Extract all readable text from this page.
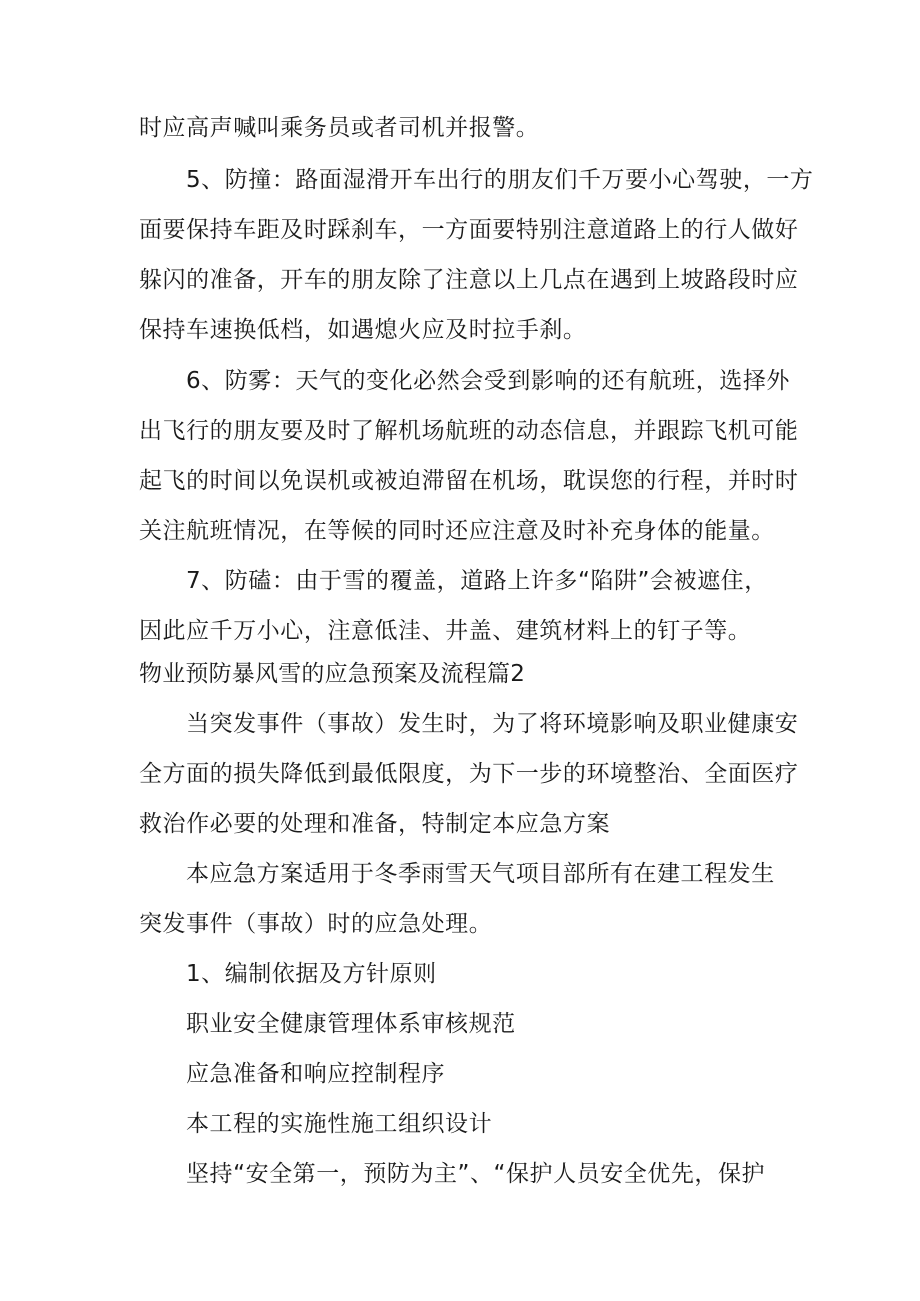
时应高声喊叫乘务员或者司机并报警。
5、防撞：路面湿滑开车出行的朋友们千万要小心驾驶，一方
面要保持车距及时踩刹车，一方面要特别注意道路上的行人做好
躲闪的准备，开车的朋友除了注意以上几点在遇到上坡路段时应
保持车速换低档，如遇熄火应及时拉手刹。
6、防雾：天气的变化必然会受到影响的还有航班，选择外
出飞行的朋友要及时了解机场航班的动态信息，并跟踪飞机可能
起飞的时间以免误机或被迫滞留在机场，耽误您的行程，并时时
关注航班情况，在等候的同时还应注意及时补充身体的能量。
7、防磕：由于雪的覆盖，道路上许多“陷阱”会被遮住，
因此应千万小心，注意低洼、井盖、建筑材料上的钉子等。
物业预防暴风雪的应急预案及流程篇2
当突发事件（事故）发生时，为了将环境影响及职业健康安
全方面的损失降低到最低限度，为下一步的环境整治、全面医疗
救治作必要的处理和准备，特制定本应急方案
本应急方案适用于冬季雨雪天气项目部所有在建工程发生
突发事件（事故）时的应急处理。
1、编制依据及方针原则
职业安全健康管理体系审核规范
应急准备和响应控制程序
本工程的实施性施工组织设计
坚持“安全第一，预防为主”、“保护人员安全优先，保护
